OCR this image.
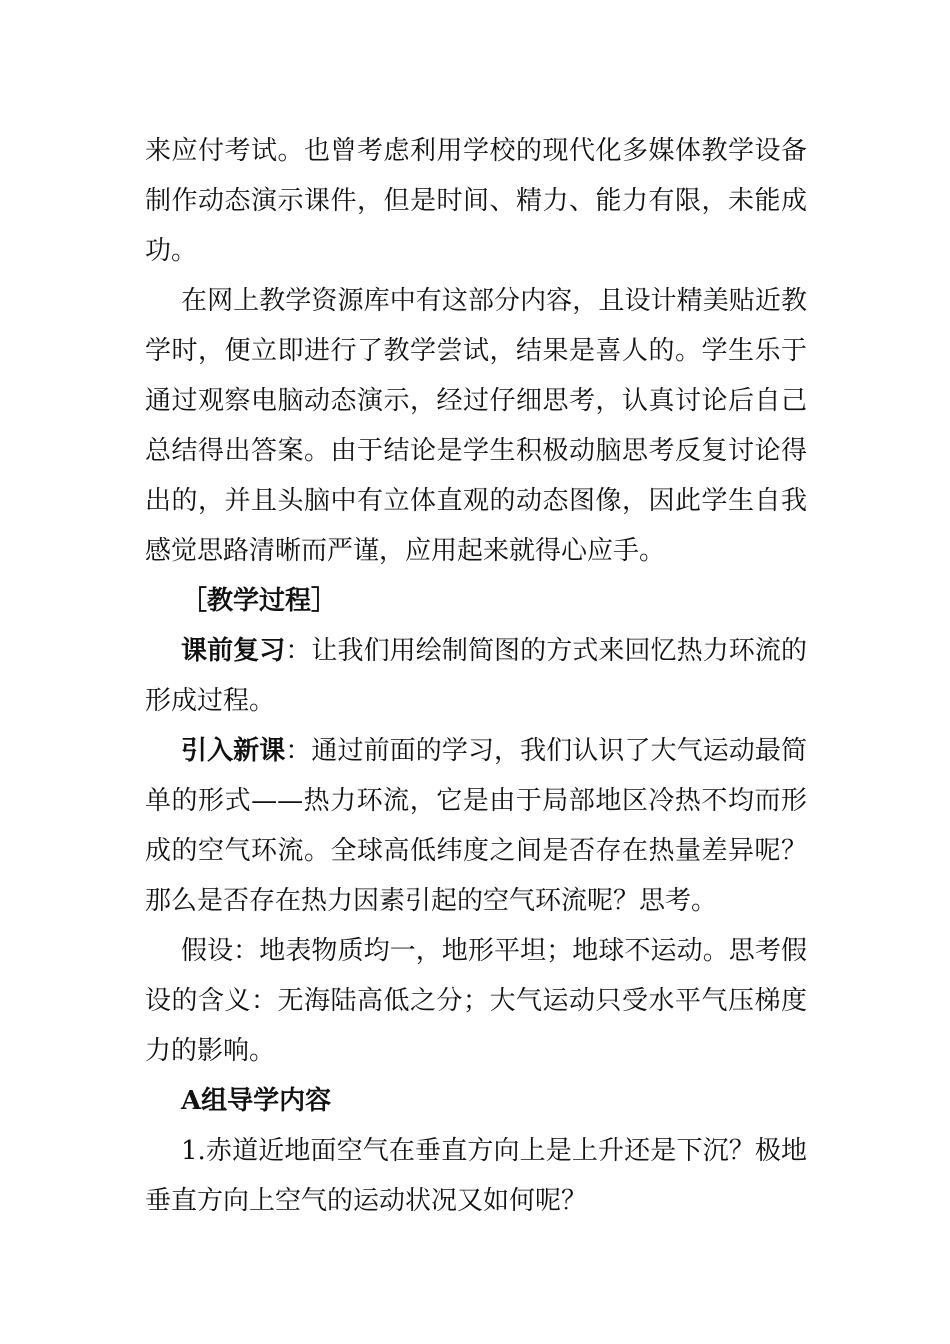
来应付考试。也曾考虑利用学校的现代化多媒体教学设备制作动态演示课件，但是时间、精力、能力有限，未能成功。

在网上教学资源库中有这部分内容，且设计精美贴近教学时，便立即进行了教学尝试，结果是喜人的。学生乐于通过观察电脑动态演示，经过仔细思考，认真讨论后自己总结得出答案。由于结论是学生积极动脑思考反复讨论得出的，并且头脑中有立体直观的动态图像，因此学生自我感觉思路清晰而严谨，应用起来就得心应手。

［教学过程］

课前复习：让我们用绘制简图的方式来回忆热力环流的形成过程。

引入新课：通过前面的学习，我们认识了大气运动最简单的形式——热力环流，它是由于局部地区冷热不均而形成的空气环流。全球高低纬度之间是否存在热量差异呢？那么是否存在热力因素引起的空气环流呢？思考。

假设：地表物质均一，地形平坦；地球不运动。思考假设的含义：无海陆高低之分；大气运动只受水平气压梯度力的影响。

A组导学内容

1.赤道近地面空气在垂直方向上是上升还是下沉？极地垂直方向上空气的运动状况又如何呢？
